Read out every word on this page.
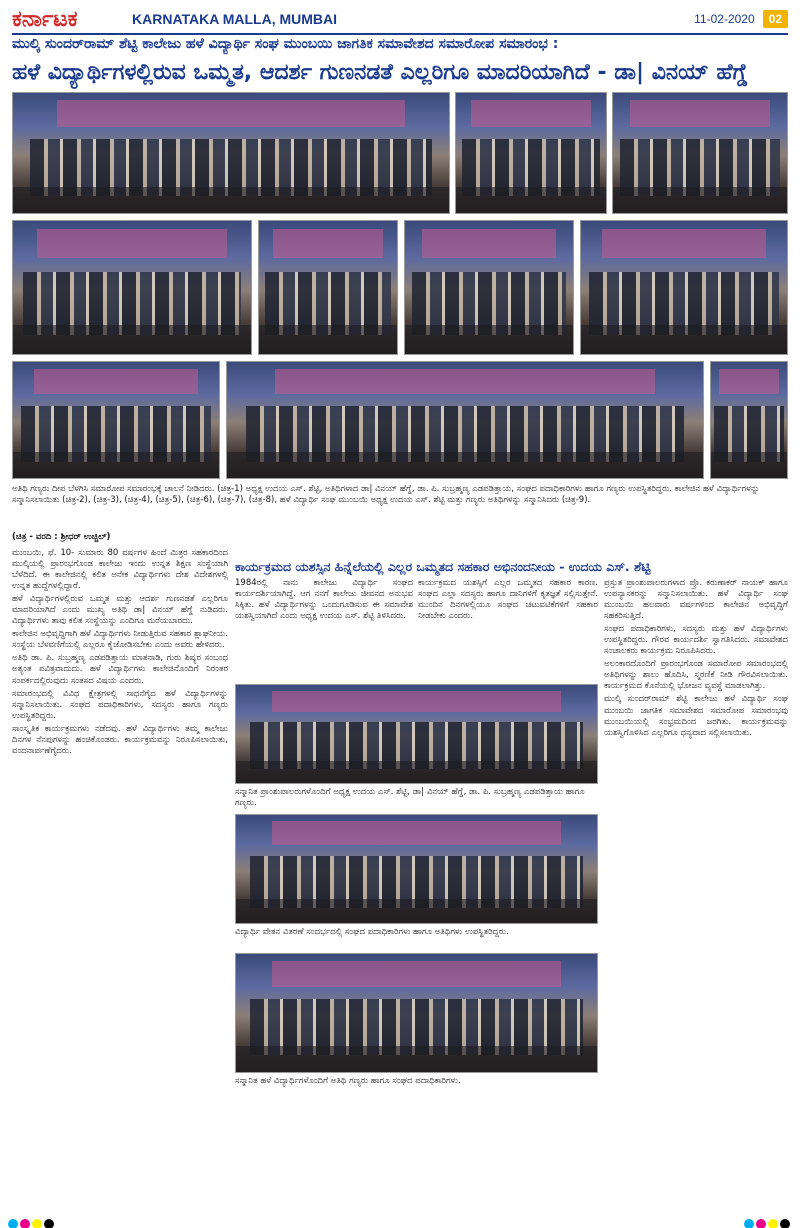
ಕರ್ನಾಟಕ	KARNATAKA MALLA, MUMBAI	11-02-2020	02
ಮುಲ್ಕಿ ಸುಂದರ್‌ರಾಮ್ ಶೆಟ್ಟಿ ಕಾಲೇಜು ಹಳೆ ವಿದ್ಯಾರ್ಥಿ ಸಂಘ ಮುಂಬಯಿ ಜಾಗತಿಕ ಸಮಾವೇಶದ ಸಮಾರೋಪ ಸಮಾರಂಭ :
ಹಳೆ ವಿದ್ಯಾರ್ಥಿಗಳಲ್ಲಿರುವ ಒಮ್ಮತ, ಆದರ್ಶ ಗುಣನಡತೆ ಎಲ್ಲರಿಗೂ ಮಾದರಿಯಾಗಿದೆ - ಡಾ| ವಿನಯ್ ಹೆಗ್ಡೆ
ಅತಿಥಿ ಗಣ್ಯರು ದೀಪ ಬೆಳಗಿಸಿ ಸಮಾರೋಪ ಸಮಾರಂಭಕ್ಕೆ ಚಾಲನೆ ನೀಡಿದರು. (ಚಿತ್ರ-1) ಅಧ್ಯಕ್ಷ ಉದಯ ಎಸ್. ಶೆಟ್ಟಿ, ಅತಿಥಿಗಳಾದ ಡಾ| ವಿನಯ್ ಹೆಗ್ಡೆ, ಡಾ. ಪಿ. ಸುಬ್ರಹ್ಮಣ್ಯ ಎಡಪಡಿತ್ತಾಯ, ಸಂಘದ ಪದಾಧಿಕಾರಿಗಳು ಹಾಗೂ ಗಣ್ಯರು ಉಪಸ್ಥಿತರಿದ್ದರು. ಕಾಲೇಜಿನ ಹಳೆ ವಿದ್ಯಾರ್ಥಿಗಳನ್ನು ಸನ್ಮಾನಿಸಲಾಯಿತು (ಚಿತ್ರ-2), (ಚಿತ್ರ-3), (ಚಿತ್ರ-4), (ಚಿತ್ರ-5), (ಚಿತ್ರ-6), (ಚಿತ್ರ-7), (ಚಿತ್ರ-8), ಹಳೆ ವಿದ್ಯಾರ್ಥಿ ಸಂಘ ಮುಂಬಯಿ ಅಧ್ಯಕ್ಷ ಉದಯ ಎಸ್. ಶೆಟ್ಟಿ ಮತ್ತು ಗಣ್ಯರು ಅತಿಥಿಗಳನ್ನು ಸನ್ಮಾನಿಸಿದರು (ಚಿತ್ರ-9).
(ಚಿತ್ರ - ವರದಿ : ಶ್ರೀಧರ್ ಉಚ್ಚಿಲ್)

ಮುಂಬಯಿ, ಫೆ. 10- ಸುಮಾರು 80 ವರ್ಷಗಳ ಹಿಂದೆ ಮಿತ್ರರ ಸಹಕಾರದಿಂದ ಮುಲ್ಕಿಯಲ್ಲಿ ಪ್ರಾರಂಭಗೊಂಡ ಕಾಲೇಜು ಇಂದು ಉನ್ನತ ಶಿಕ್ಷಣ ಸಂಸ್ಥೆಯಾಗಿ ಬೆಳೆದಿದೆ. ಈ ಕಾಲೇಜಿನಲ್ಲಿ ಕಲಿತ ಅನೇಕ ವಿದ್ಯಾರ್ಥಿಗಳು ದೇಶ ವಿದೇಶಗಳಲ್ಲಿ ಉನ್ನತ ಹುದ್ದೆಗಳಲ್ಲಿದ್ದಾರೆ.

ಹಳೆ ವಿದ್ಯಾರ್ಥಿಗಳಲ್ಲಿರುವ ಒಮ್ಮತ ಮತ್ತು ಆದರ್ಶ ಗುಣನಡತೆ ಎಲ್ಲರಿಗೂ ಮಾದರಿಯಾಗಿದೆ ಎಂದು ಮುಖ್ಯ ಅತಿಥಿ ಡಾ| ವಿನಯ್ ಹೆಗ್ಡೆ ನುಡಿದರು. ವಿದ್ಯಾರ್ಥಿಗಳು ತಾವು ಕಲಿತ ಸಂಸ್ಥೆಯನ್ನು ಎಂದಿಗೂ ಮರೆಯಬಾರದು.

ಕಾಲೇಜಿನ ಅಭಿವೃದ್ಧಿಗಾಗಿ ಹಳೆ ವಿದ್ಯಾರ್ಥಿಗಳು ನೀಡುತ್ತಿರುವ ಸಹಕಾರ ಶ್ಲಾಘನೀಯ. ಸಂಸ್ಥೆಯ ಬೆಳವಣಿಗೆಯಲ್ಲಿ ಎಲ್ಲರೂ ಕೈಜೋಡಿಸಬೇಕು ಎಂದು ಅವರು ಹೇಳಿದರು.

ಅತಿಥಿ ಡಾ. ಪಿ. ಸುಬ್ರಹ್ಮಣ್ಯ ಎಡಪಡಿತ್ತಾಯ ಮಾತನಾಡಿ, ಗುರು ಶಿಷ್ಯರ ಸಂಬಂಧ ಅತ್ಯಂತ ಪವಿತ್ರವಾದುದು. ಹಳೆ ವಿದ್ಯಾರ್ಥಿಗಳು ಕಾಲೇಜಿನೊಂದಿಗೆ ನಿರಂತರ ಸಂಪರ್ಕದಲ್ಲಿರುವುದು ಸಂತಸದ ವಿಷಯ ಎಂದರು.

ಸಮಾರಂಭದಲ್ಲಿ ವಿವಿಧ ಕ್ಷೇತ್ರಗಳಲ್ಲಿ ಸಾಧನೆಗೈದ ಹಳೆ ವಿದ್ಯಾರ್ಥಿಗಳನ್ನು ಸನ್ಮಾನಿಸಲಾಯಿತು. ಸಂಘದ ಪದಾಧಿಕಾರಿಗಳು, ಸದಸ್ಯರು ಹಾಗೂ ಗಣ್ಯರು ಉಪಸ್ಥಿತರಿದ್ದರು.

ಸಾಂಸ್ಕೃತಿಕ ಕಾರ್ಯಕ್ರಮಗಳು ನಡೆದವು. ಹಳೆ ವಿದ್ಯಾರ್ಥಿಗಳು ತಮ್ಮ ಕಾಲೇಜು ದಿನಗಳ ನೆನಪುಗಳನ್ನು ಹಂಚಿಕೊಂಡರು. ಕಾರ್ಯಕ್ರಮವನ್ನು ನಿರೂಪಿಸಲಾಯಿತು, ವಂದನಾರ್ಪಣೆಗೈದರು.

ಕಾರ್ಯಕ್ರಮದ ಯಶಸ್ಸಿನ ಹಿನ್ನೆಲೆಯಲ್ಲಿ ಎಲ್ಲರ ಒಮ್ಮತದ ಸಹಕಾರ ಅಭಿನಂದನೀಯ - ಉದಯ ಎಸ್. ಶೆಟ್ಟಿ

1984ರಲ್ಲಿ ನಾನು ಕಾಲೇಜು ವಿದ್ಯಾರ್ಥಿ ಸಂಘದ ಕಾರ್ಯದರ್ಶಿಯಾಗಿದ್ದೆ. ಆಗ ನನಗೆ ಕಾಲೇಜು ಜೀವನದ ಅನುಭವ ಸಿಕ್ಕಿತು. ಹಳೆ ವಿದ್ಯಾರ್ಥಿಗಳನ್ನು ಒಂದುಗೂಡಿಸುವ ಈ ಸಮಾವೇಶ ಯಶಸ್ವಿಯಾಗಿದೆ ಎಂದು ಅಧ್ಯಕ್ಷ ಉದಯ ಎಸ್. ಶೆಟ್ಟಿ ತಿಳಿಸಿದರು.

ಕಾರ್ಯಕ್ರಮದ ಯಶಸ್ಸಿಗೆ ಎಲ್ಲರ ಒಮ್ಮತದ ಸಹಕಾರ ಕಾರಣ. ಸಂಘದ ಎಲ್ಲಾ ಸದಸ್ಯರು ಹಾಗೂ ದಾನಿಗಳಿಗೆ ಕೃತಜ್ಞತೆ ಸಲ್ಲಿಸುತ್ತೇನೆ. ಮುಂದಿನ ದಿನಗಳಲ್ಲಿಯೂ ಸಂಘದ ಚಟುವಟಿಕೆಗಳಿಗೆ ಸಹಕಾರ ನೀಡಬೇಕು ಎಂದರು.

ಸನ್ಮಾನಿತ ಪ್ರಾಂಶುಪಾಲರುಗಳೊಂದಿಗೆ ಅಧ್ಯಕ್ಷ ಉದಯ ಎಸ್. ಶೆಟ್ಟಿ, ಡಾ| ವಿನಯ್ ಹೆಗ್ಡೆ, ಡಾ. ಪಿ. ಸುಬ್ರಹ್ಮಣ್ಯ ಎಡಪಡಿತ್ತಾಯ ಹಾಗೂ ಗಣ್ಯರು.
ವಿದ್ಯಾರ್ಥಿ ವೇತನ ವಿತರಣೆ ಸಂದರ್ಭದಲ್ಲಿ ಸಂಘದ ಪದಾಧಿಕಾರಿಗಳು ಹಾಗೂ ಅತಿಥಿಗಳು ಉಪಸ್ಥಿತರಿದ್ದರು.
ಸನ್ಮಾನಿತ ಹಳೆ ವಿದ್ಯಾರ್ಥಿಗಳೊಂದಿಗೆ ಅತಿಥಿ ಗಣ್ಯರು ಹಾಗೂ ಸಂಘದ ಪದಾಧಿಕಾರಿಗಳು.

ಪ್ರಸ್ತುತ ಪ್ರಾಂಶುಪಾಲರುಗಳಾದ ಪ್ರೊ. ಕರುಣಾಕರ್ ನಾಯಕ್ ಹಾಗೂ ಉಪನ್ಯಾಸಕರನ್ನು ಸನ್ಮಾನಿಸಲಾಯಿತು. ಹಳೆ ವಿದ್ಯಾರ್ಥಿ ಸಂಘ ಮುಂಬಯಿ ಹಲವಾರು ವರ್ಷಗಳಿಂದ ಕಾಲೇಜಿನ ಅಭಿವೃದ್ಧಿಗೆ ಸಹಕರಿಸುತ್ತಿದೆ.

ಸಂಘದ ಪದಾಧಿಕಾರಿಗಳು, ಸದಸ್ಯರು ಮತ್ತು ಹಳೆ ವಿದ್ಯಾರ್ಥಿಗಳು ಉಪಸ್ಥಿತರಿದ್ದರು. ಗೌರವ ಕಾರ್ಯದರ್ಶಿ ಸ್ವಾಗತಿಸಿದರು. ಸಮಾವೇಶದ ಸಂಚಾಲಕರು ಕಾರ್ಯಕ್ರಮ ನಿರೂಪಿಸಿದರು.

ಅಲಂಕಾರದೊಂದಿಗೆ ಪ್ರಾರಂಭಗೊಂಡ ಸಮಾರೋಪ ಸಮಾರಂಭದಲ್ಲಿ ಅತಿಥಿಗಳನ್ನು ಶಾಲು ಹೊದಿಸಿ, ಸ್ಮರಣಿಕೆ ನೀಡಿ ಗೌರವಿಸಲಾಯಿತು. ಕಾರ್ಯಕ್ರಮದ ಕೊನೆಯಲ್ಲಿ ಭೋಜನ ವ್ಯವಸ್ಥೆ ಮಾಡಲಾಗಿತ್ತು.

ಮುಲ್ಕಿ ಸುಂದರ್‌ರಾಮ್ ಶೆಟ್ಟಿ ಕಾಲೇಜು ಹಳೆ ವಿದ್ಯಾರ್ಥಿ ಸಂಘ ಮುಂಬಯಿ ಜಾಗತಿಕ ಸಮಾವೇಶದ ಸಮಾರೋಪ ಸಮಾರಂಭವು ಮುಂಬಯಿಯಲ್ಲಿ ಸಂಭ್ರಮದಿಂದ ಜರಗಿತು. ಕಾರ್ಯಕ್ರಮವನ್ನು ಯಶಸ್ವಿಗೊಳಿಸಿದ ಎಲ್ಲರಿಗೂ ಧನ್ಯವಾದ ಸಲ್ಲಿಸಲಾಯಿತು.
